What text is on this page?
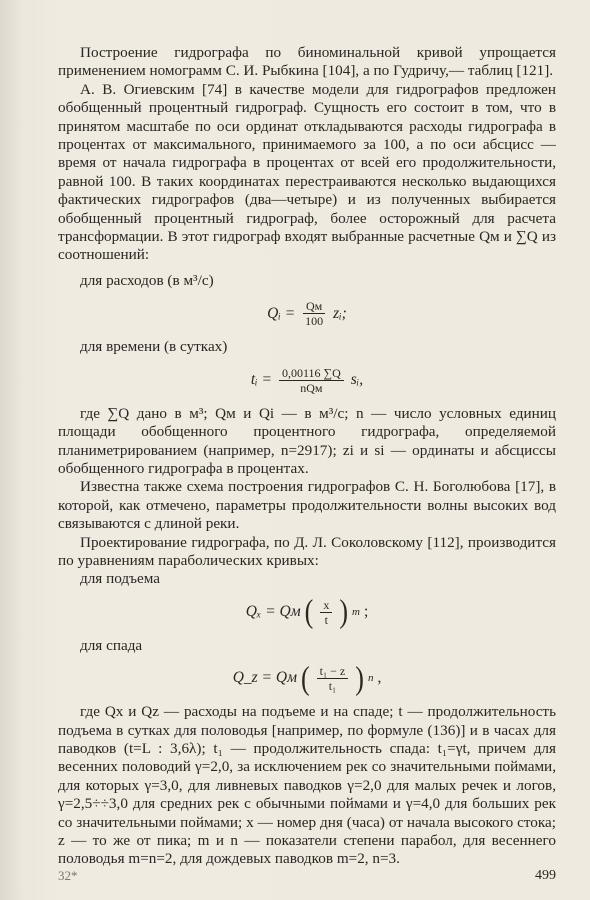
Построение гидрографа по биноминальной кривой упрощается применением номограмм С. И. Рыбкина [104], а по Гудричу,— таблиц [121].

А. В. Огиевским [74] в качестве модели для гидрографов предложен обобщенный процентный гидрограф. Сущность его состоит в том, что в принятом масштабе по оси ординат откладываются расходы гидрографа в процентах от максимального, принимаемого за 100, а по оси абсцисс — время от начала гидрографа в процентах от всей его продолжительности, равной 100. В таких координатах перестраиваются несколько выдающихся фактических гидрографов (два—четыре) и из полученных выбирается обобщенный процентный гидрограф, более осторожный для расчета трансформации. В этот гидрограф входят выбранные расчетные Qм и ∑Q из соотношений:

для расходов (в м³/с)

Qᵢ = $\frac{Qм}{100}$ zᵢ;

для времени (в сутках)

tᵢ = $\frac{0,00116 \sum Q}{\text{nQм}}$ sᵢ,

где ∑Q дано в м³; Qм и Qi — в м³/с; n — число условных единиц площади обобщенного процентного гидрографа, определяемой планиметрированием (например, n=2917); zi и si — ординаты и абсциссы обобщенного гидрографа в процентах.

Известна также схема построения гидрографов С. Н. Боголюбова [17], в которой, как отмечено, параметры продолжительности волны высоких вод связываются с длиной реки.

Проектирование гидрографа, по Д. Л. Соколовскому [112], производится по уравнениям параболических кривых:

для подъема

Qₓ = Qм ( $\frac{x}{t}$ ) m ;

для спада

Q_z = Qм ( $\frac{\text{t₁ − z}}{\text{t₁}}$ ) n ,

где Qx и Qz — расходы на подъеме и на спаде; t — продолжительность подъема в сутках для половодья [например, по формуле (136)] и в часах для паводков (t=L : 3,6λ); t₁ — продолжительность спада: t₁=γt, причем для весенних половодий γ=2,0, за исключением рек со значительными поймами, для которых γ=3,0, для ливневых паводков γ=2,0 для малых речек и логов, γ=2,5÷÷3,0 для средних рек с обычными поймами и γ=4,0 для больших рек со значительными поймами; x — номер дня (часа) от начала высокого стока; z — то же от пика; m и n — показатели степени парабол, для весеннего половодья m=n=2, для дождевых паводков m=2, n=3.

32*	499
